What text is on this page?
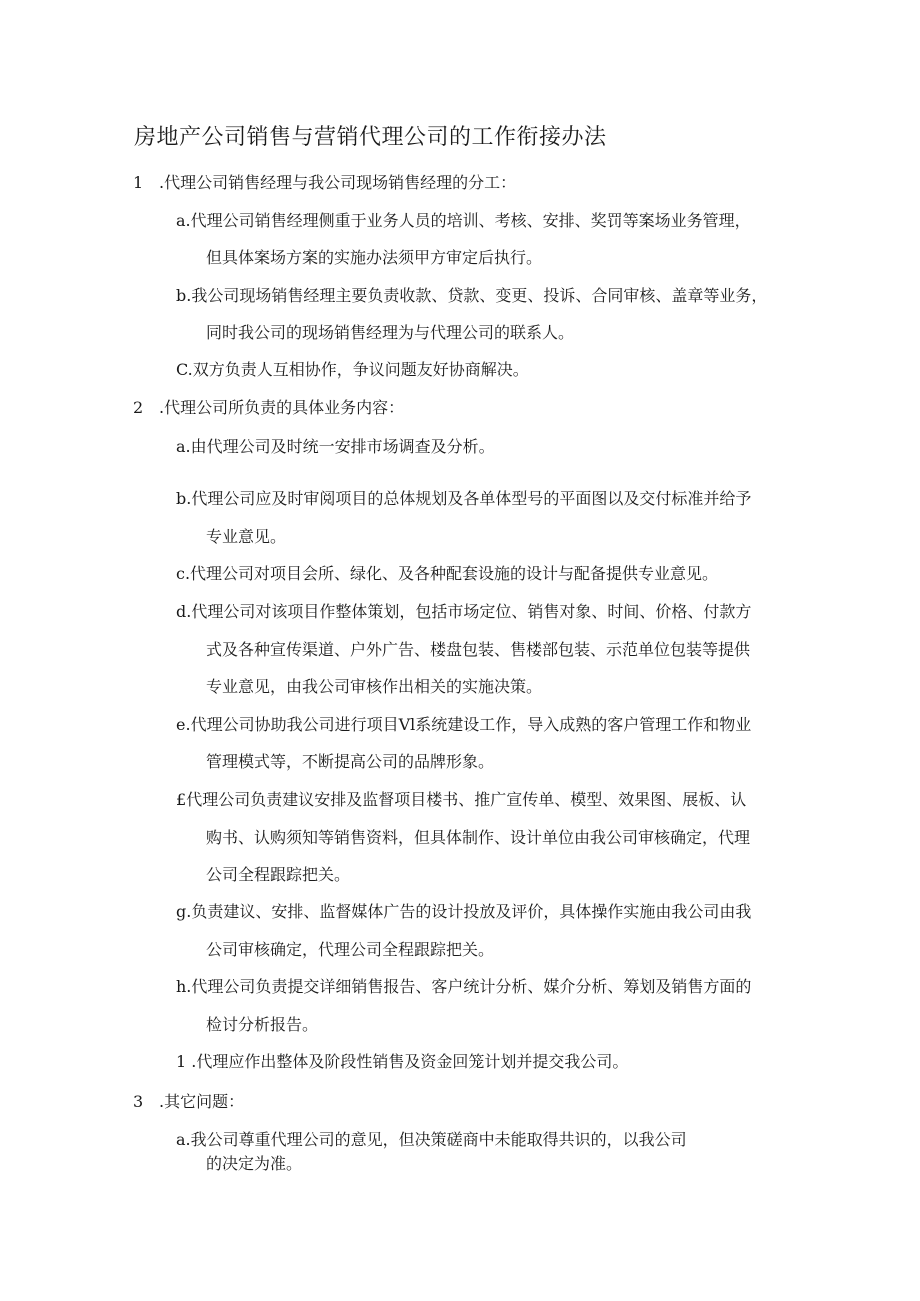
房地产公司销售与营销代理公司的工作衔接办法
1 .代理公司销售经理与我公司现场销售经理的分工：
a.代理公司销售经理侧重于业务人员的培训、考核、安排、奖罚等案场业务管理，
但具体案场方案的实施办法须甲方审定后执行。
b.我公司现场销售经理主要负责收款、贷款、变更、投诉、合同审核、盖章等业务，
同时我公司的现场销售经理为与代理公司的联系人。
C.双方负责人互相协作，争议问题友好协商解决。
2 .代理公司所负责的具体业务内容：
a.由代理公司及时统一安排市场调查及分析。
b.代理公司应及时审阅项目的总体规划及各单体型号的平面图以及交付标准并给予
专业意见。
c.代理公司对项目会所、绿化、及各种配套设施的设计与配备提供专业意见。
d.代理公司对该项目作整体策划，包括市场定位、销售对象、时间、价格、付款方
式及各种宣传渠道、户外广告、楼盘包装、售楼部包装、示范单位包装等提供
专业意见，由我公司审核作出相关的实施决策。
e.代理公司协助我公司进行项目Vl系统建设工作，导入成熟的客户管理工作和物业
管理模式等，不断提高公司的品牌形象。
£代理公司负责建议安排及监督项目楼书、推广宣传单、模型、效果图、展板、认
购书、认购须知等销售资料，但具体制作、设计单位由我公司审核确定，代理
公司全程跟踪把关。
g.负责建议、安排、监督媒体广告的设计投放及评价，具体操作实施由我公司由我
公司审核确定，代理公司全程跟踪把关。
h.代理公司负责提交详细销售报告、客户统计分析、媒介分析、筹划及销售方面的
检讨分析报告。
1 .代理应作出整体及阶段性销售及资金回笼计划并提交我公司。
3 .其它问题：
a.我公司尊重代理公司的意见，但决策磋商中未能取得共识的，以我公司
的决定为准。
